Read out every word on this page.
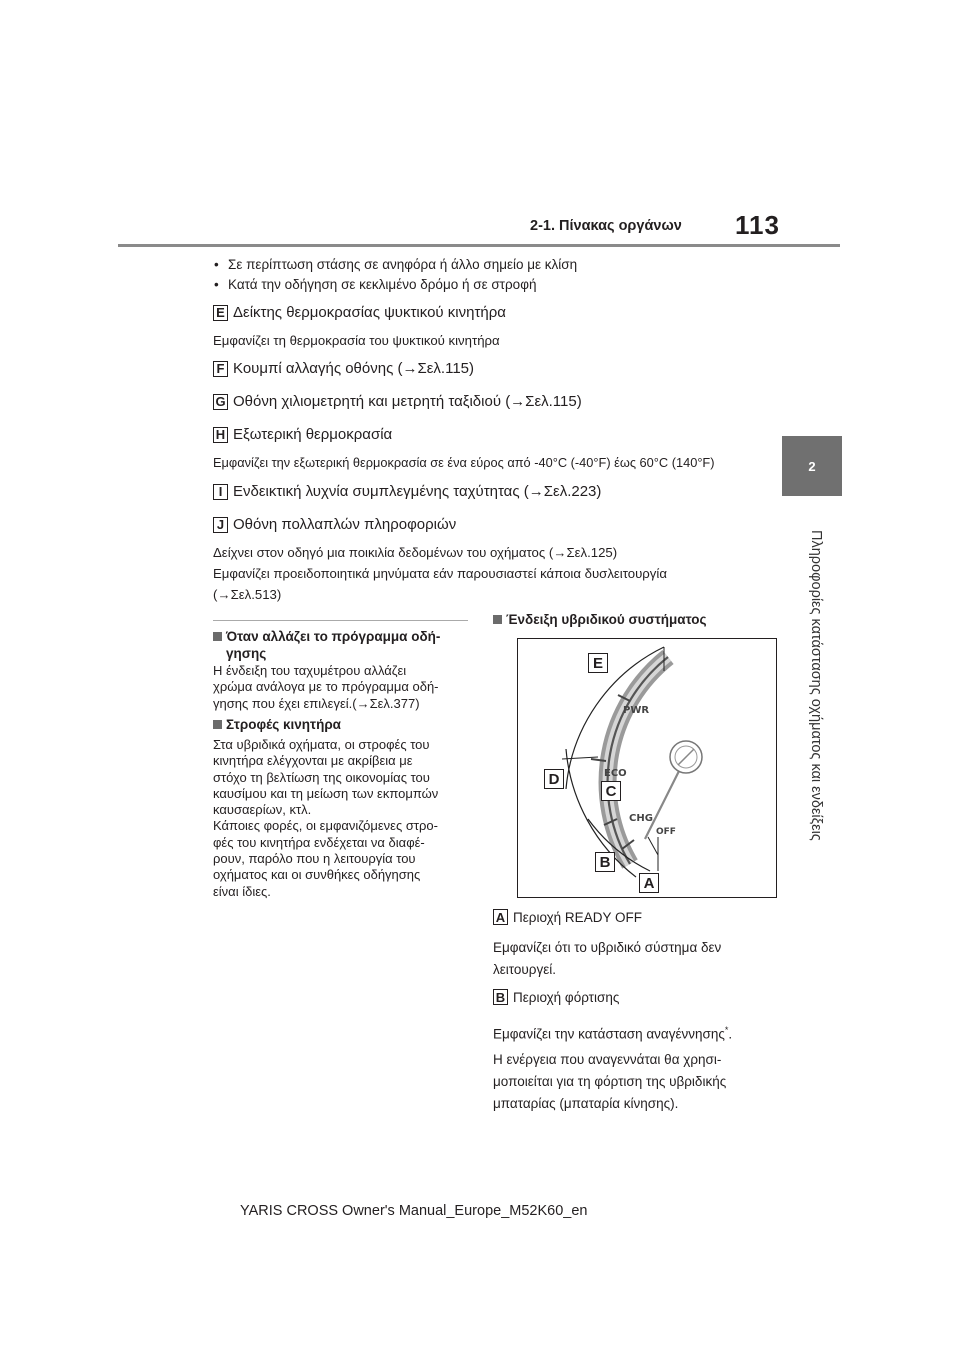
2-1. Πίνακας οργάνων 113
2
Πληροφορίες κατάστασης οχήματος και ενδείξεις
• Σε περίπτωση στάσης σε ανηφόρα ή άλλο σημείο με κλίση
• Κατά την οδήγηση σε κεκλιμένο δρόμο ή σε στροφή
E Δείκτης θερμοκρασίας ψυκτικού κινητήρα
Εμφανίζει τη θερμοκρασία του ψυκτικού κινητήρα
F Κουμπί αλλαγής οθόνης (→Σελ.115)
G Οθόνη χιλιομετρητή και μετρητή ταξιδιού (→Σελ.115)
H Εξωτερική θερμοκρασία
Εμφανίζει την εξωτερική θερμοκρασία σε ένα εύρος από -40°C (-40°F) έως 60°C (140°F)
I Ενδεικτική λυχνία συμπλεγμένης ταχύτητας (→Σελ.223)
J Οθόνη πολλαπλών πληροφοριών
Δείχνει στον οδηγό μια ποικιλία δεδομένων του οχήματος (→Σελ.125)
Εμφανίζει προειδοποιητικά μηνύματα εάν παρουσιαστεί κάποια δυσλειτουργία
(→Σελ.513)
Όταν αλλάζει το πρόγραμμα οδή-
γησης
Η ένδειξη του ταχυμέτρου αλλάζει
χρώμα ανάλογα με το πρόγραμμα οδή-
γησης που έχει επιλεγεί.(→Σελ.377)
Στροφές κινητήρα
Στα υβριδικά οχήματα, οι στροφές του
κινητήρα ελέγχονται με ακρίβεια με
στόχο τη βελτίωση της οικονομίας του
καυσίμου και τη μείωση των εκπομπών
καυσαερίων, κτλ.
Κάποιες φορές, οι εμφανιζόμενες στρο-
φές του κινητήρα ενδέχεται να διαφέ-
ρουν, παρόλο που η λειτουργία του
οχήματος και οι συνθήκες οδήγησης
είναι ίδιες.
Ένδειξη υβριδικού συστήματος
PWR
ECO
CHG
OFF
E
D
C
B
A
A Περιοχή READY OFF
Εμφανίζει ότι το υβριδικό σύστημα δεν
λειτουργεί.
B Περιοχή φόρτισης
Εμφανίζει την κατάσταση αναγέννησης*.
Η ενέργεια που αναγεννάται θα χρησι-
μοποιείται για τη φόρτιση της υβριδικής
μπαταρίας (μπαταρία κίνησης).
YARIS CROSS Owner's Manual_Europe_M52K60_en
